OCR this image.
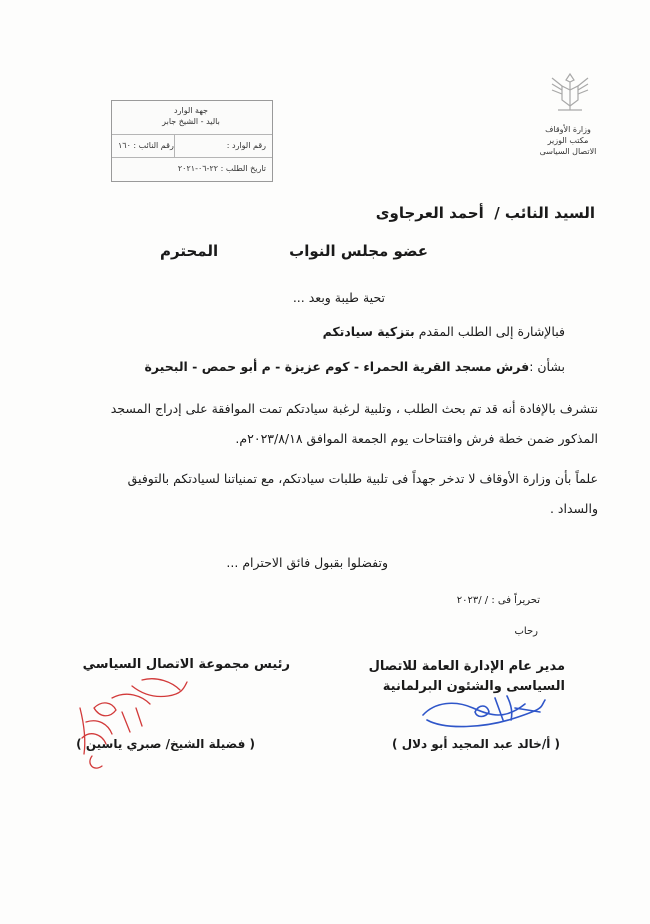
وزارة الأوقاف
مكتب الوزير
الاتصال السياسى
جهة الوارد
باليد - الشيخ جابر
رقم الوارد :
رقم النائب : ١٦٠
تاريخ الطلب : ٢٢-٠٦-٢٠٢١
السيد النائب /  أحمد العرجاوى
عضو مجلس النواب
المحترم
تحية طيبة وبعد ...
فبالإشارة إلى الطلب المقدم بتزكية سيادتكم
بشأن :فرش مسجد القرية الحمراء - كوم عزيزة - م أبو حمص - البحيرة
نتشرف بالإفادة أنه قد تم بحث الطلب ، وتلبية لرغبة سيادتكم تمت الموافقة على إدراج المسجد
المذكور ضمن خطة فرش وافتتاحات يوم الجمعة الموافق ٢٠٢٣/٨/١٨م.
علماً بأن وزارة الأوقاف لا تدخر جهداً فى تلبية طلبات سيادتكم، مع تمنياتنا لسيادتكم بالتوفيق
والسداد .
وتفضلوا بقبول فائق الاحترام ...
تحريراً فى : / /٢٠٢٣
رحاب
مدير عام الإدارة العامة للاتصال
السياسى والشئون البرلمانية
( أ/خالد عبد المجيد أبو دلال )
رئيس مجموعة الاتصال السياسي
( فضيلة الشيخ/ صبري ياسين )
